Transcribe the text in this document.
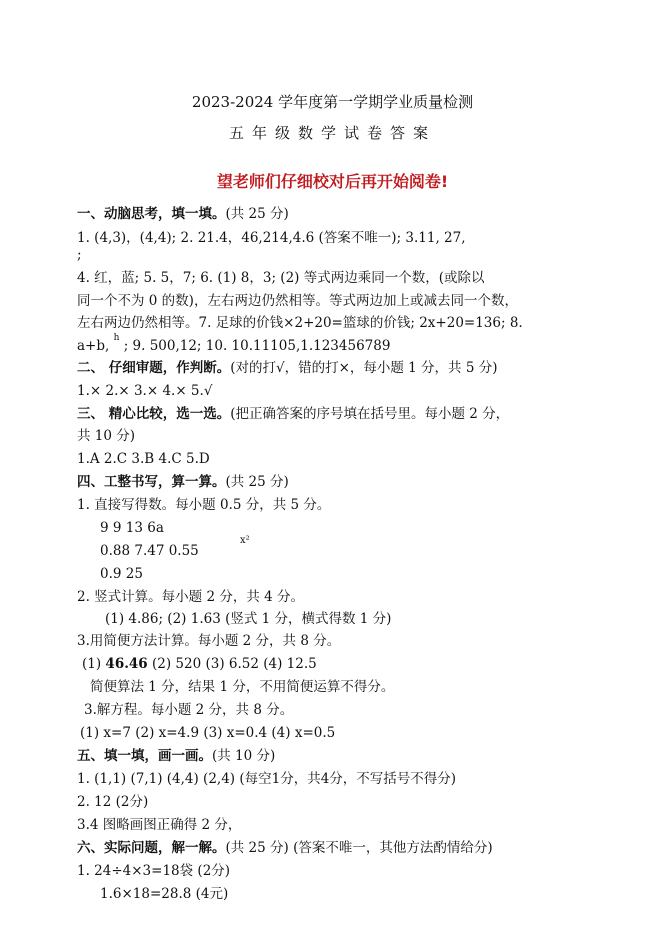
2023-2024 学年度第一学期学业质量检测
五年级数学试卷答案
望老师们仔细校对后再开始阅卷!
一、动脑思考，填一填。(共 25 分)
1. (4,3)，(4,4); 2. 21.4，46,214,4.6 (答案不唯一); 3.11, 27,
;
4. 红，蓝; 5. 5，7; 6. (1) 8，3; (2) 等式两边乘同一个数，(或除以
同一个不为 0 的数)，左右两边仍然相等。等式两边加上或减去同一个数，
左右两边仍然相等。7. 足球的价钱×2+20=篮球的价钱; 2x+20=136; 8.
a+b, $^h$ ; 9. 500,12; 10. 10.11105,1.123456789
二、 仔细审题，作判断。(对的打√，错的打×，每小题 1 分，共 5 分)
1.× 2.× 3.× 4.× 5.√
三、 精心比较，选一选。(把正确答案的序号填在括号里。每小题 2 分，
共 10 分)
1.A 2.C 3.B 4.C 5.D
四、工整书写，算一算。(共 25 分)
1. 直接写得数。每小题 0.5 分，共 5 分。
9 9 13 6a
0.88 7.47 0.55
x²
0.9 25
2. 竖式计算。每小题 2 分，共 4 分。
(1) 4.86; (2) 1.63 (竖式 1 分，横式得数 1 分)
3.用简便方法计算。每小题 2 分，共 8 分。
(1) 46.46 (2) 520 (3) 6.52 (4) 12.5
简便算法 1 分，结果 1 分，不用简便运算不得分。
3.解方程。每小题 2 分，共 8 分。
(1) x=7 (2) x=4.9 (3) x=0.4 (4) x=0.5
五、填一填，画一画。(共 10 分)
1. (1,1) (7,1) (4,4) (2,4) (每空1分，共4分，不写括号不得分)
2. 12 (2分)
3.4 图略画图正确得 2 分，
六、实际问题，解一解。(共 25 分) (答案不唯一，其他方法酌情给分)
1. 24÷4×3=18袋 (2分)
1.6×18=28.8 (4元)
